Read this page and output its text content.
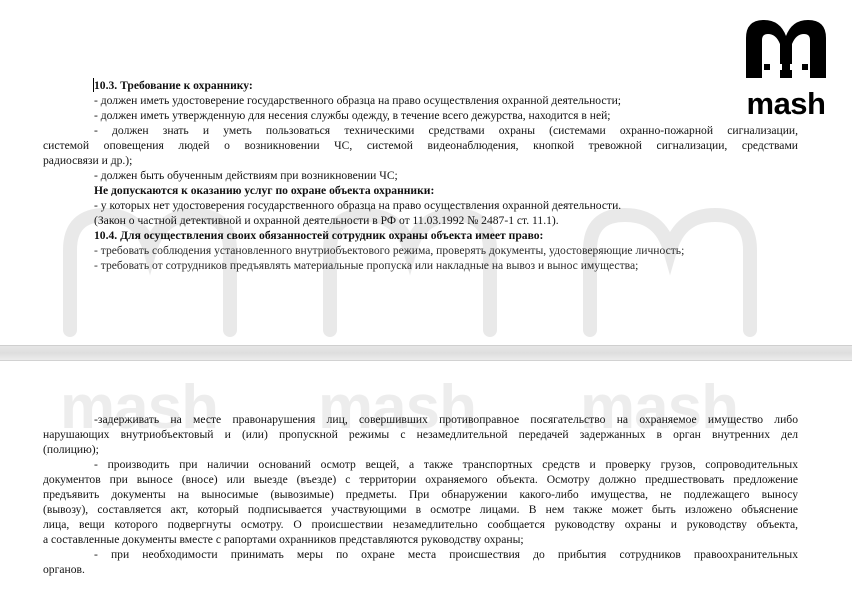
mash mash mash
mash
10.3. Требование к охраннику:
- должен иметь удостоверение государственного образца на право осуществления охранной деятельности;
- должен иметь утвержденную для несения службы одежду, в течение всего дежурства, находится в ней;
- должен знать и уметь пользоваться техническими средствами охраны (системами охранно-пожарной сигнализации,
системой оповещения людей о возникновении ЧС, системой видеонаблюдения, кнопкой тревожной сигнализации, средствами
радиосвязи и др.);
- должен быть обученным действиям при возникновении ЧС;
Не допускаются к оказанию услуг по охране объекта охранники:
- у которых нет удостоверения государственного образца на право осуществления охранной деятельности.
(Закон о частной детективной и охранной деятельности в РФ от 11.03.1992 № 2487-1 ст. 11.1).
10.4. Для осуществления своих обязанностей сотрудник охраны объекта имеет право:
- требовать соблюдения установленного внутриобъектового режима, проверять документы, удостоверяющие личность;
- требовать от сотрудников предъявлять материальные пропуска или накладные на вывоз и вынос имущества;
-задерживать на месте правонарушения лиц, совершивших противоправное посягательство на охраняемое имущество либо
нарушающих внутриобъектовый и (или) пропускной режимы с незамедлительной передачей задержанных в орган внутренних дел
(полицию);
- производить при наличии оснований осмотр вещей, а также транспортных средств и проверку грузов, сопроводительных
документов при выносе (вносе) или выезде (въезде) с территории охраняемого объекта. Осмотру должно предшествовать предложение
предъявить документы на выносимые (вывозимые) предметы. При обнаружении какого-либо имущества, не подлежащего выносу
(вывозу), составляется акт, который подписывается участвующими в осмотре лицами. В нем также может быть изложено объяснение
лица, вещи которого подвергнуты осмотру. О происшествии незамедлительно сообщается руководству охраны и руководству объекта,
а составленные документы вместе с рапортами охранников представляются руководству охраны;
- при необходимости принимать меры по охране места происшествия до прибытия сотрудников правоохранительных
органов.
